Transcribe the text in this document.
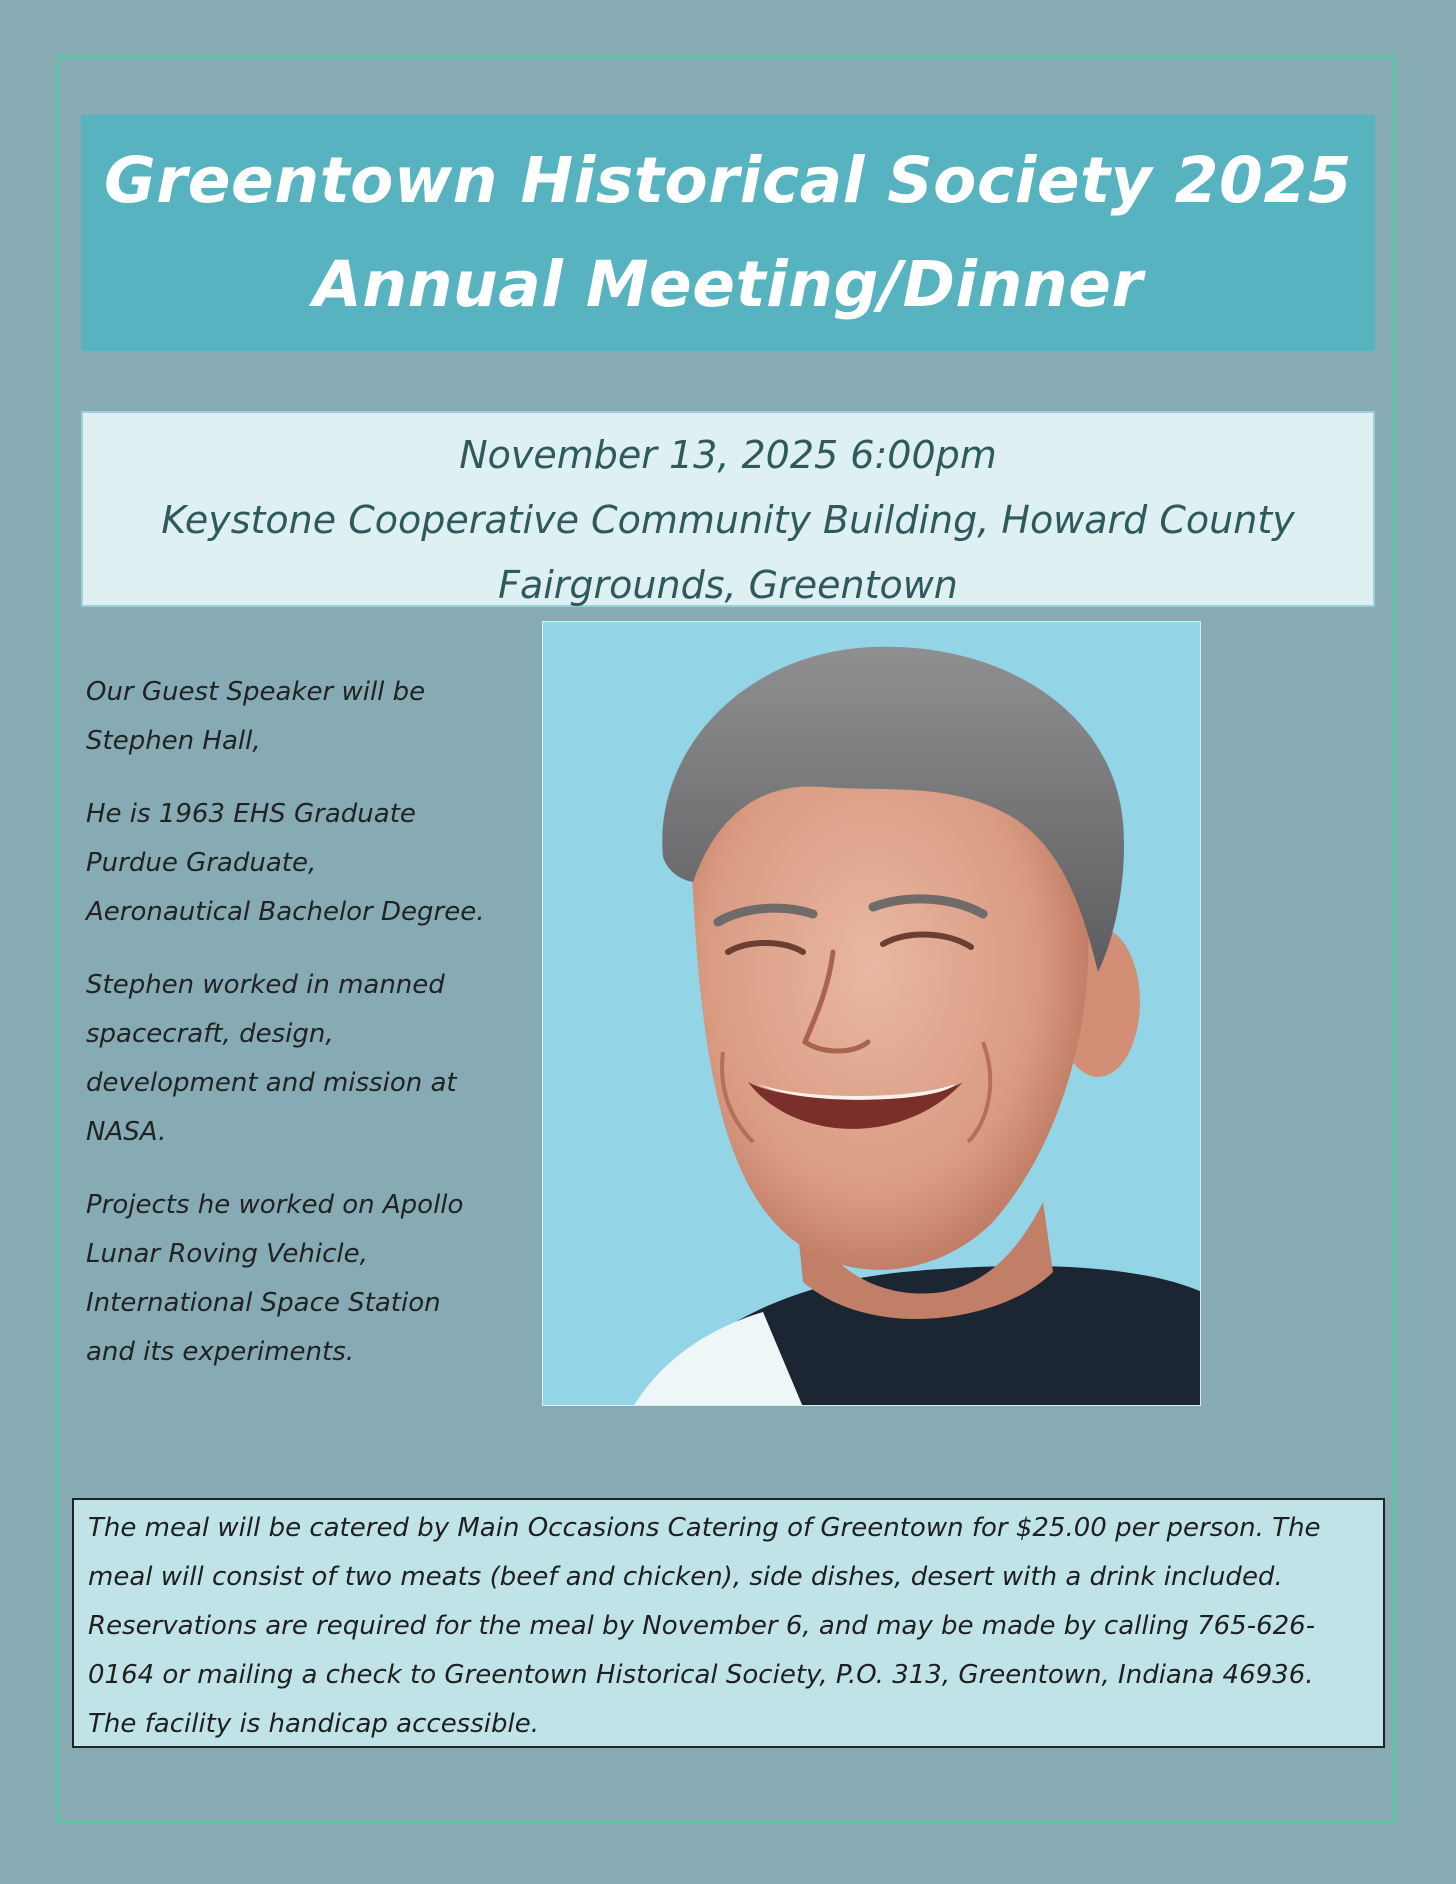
Greentown Historical Society 2025
Annual Meeting/Dinner
November 13, 2025 6:00pm
Keystone Cooperative Community Building, Howard County
Fairgrounds, Greentown

Our Guest Speaker will be Stephen Hall,

He is 1963 EHS Graduate Purdue Graduate, Aeronautical Bachelor Degree.

Stephen worked in manned spacecraft, design, development and mission at NASA.

Projects he worked on Apollo Lunar Roving Vehicle, International Space Station and its experiments.

The meal will be catered by Main Occasions Catering of Greentown for $25.00 per person. The meal will consist of two meats (beef and chicken), side dishes, desert with a drink included. Reservations are required for the meal by November 6, and may be made by calling 765-626-0164 or mailing a check to Greentown Historical Society, P.O. 313, Greentown, Indiana 46936. The facility is handicap accessible.
